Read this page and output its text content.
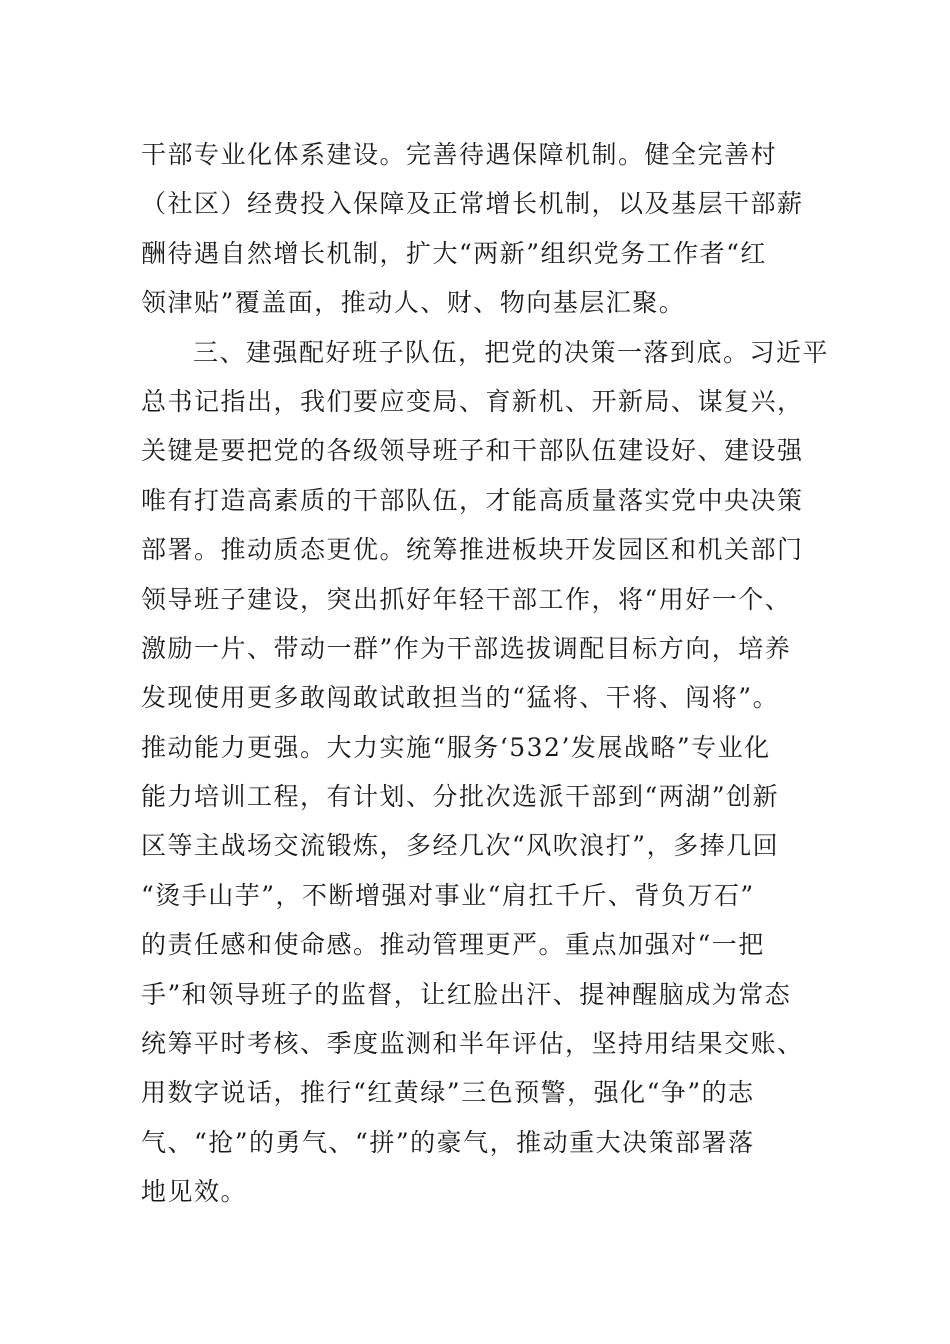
干部专业化体系建设。完善待遇保障机制。健全完善村
（社区）经费投入保障及正常增长机制，以及基层干部薪
酬待遇自然增长机制，扩大“两新”组织党务工作者“红
领津贴”覆盖面，推动人、财、物向基层汇聚。
三、建强配好班子队伍，把党的决策一落到底。习近平
总书记指出，我们要应变局、育新机、开新局、谋复兴，
关键是要把党的各级领导班子和干部队伍建设好、建设强
唯有打造高素质的干部队伍，才能高质量落实党中央决策
部署。推动质态更优。统筹推进板块开发园区和机关部门
领导班子建设，突出抓好年轻干部工作，将“用好一个、
激励一片、带动一群”作为干部选拔调配目标方向，培养
发现使用更多敢闯敢试敢担当的“猛将、干将、闯将”。
推动能力更强。大力实施“服务‘532’发展战略”专业化
能力培训工程，有计划、分批次选派干部到“两湖”创新
区等主战场交流锻炼，多经几次“风吹浪打”，多捧几回
“烫手山芋”，不断增强对事业“肩扛千斤、背负万石”
的责任感和使命感。推动管理更严。重点加强对“一把
手”和领导班子的监督，让红脸出汗、提神醒脑成为常态
统筹平时考核、季度监测和半年评估，坚持用结果交账、
用数字说话，推行“红黄绿”三色预警，强化“争”的志
气、“抢”的勇气、“拼”的豪气，推动重大决策部署落
地见效。
